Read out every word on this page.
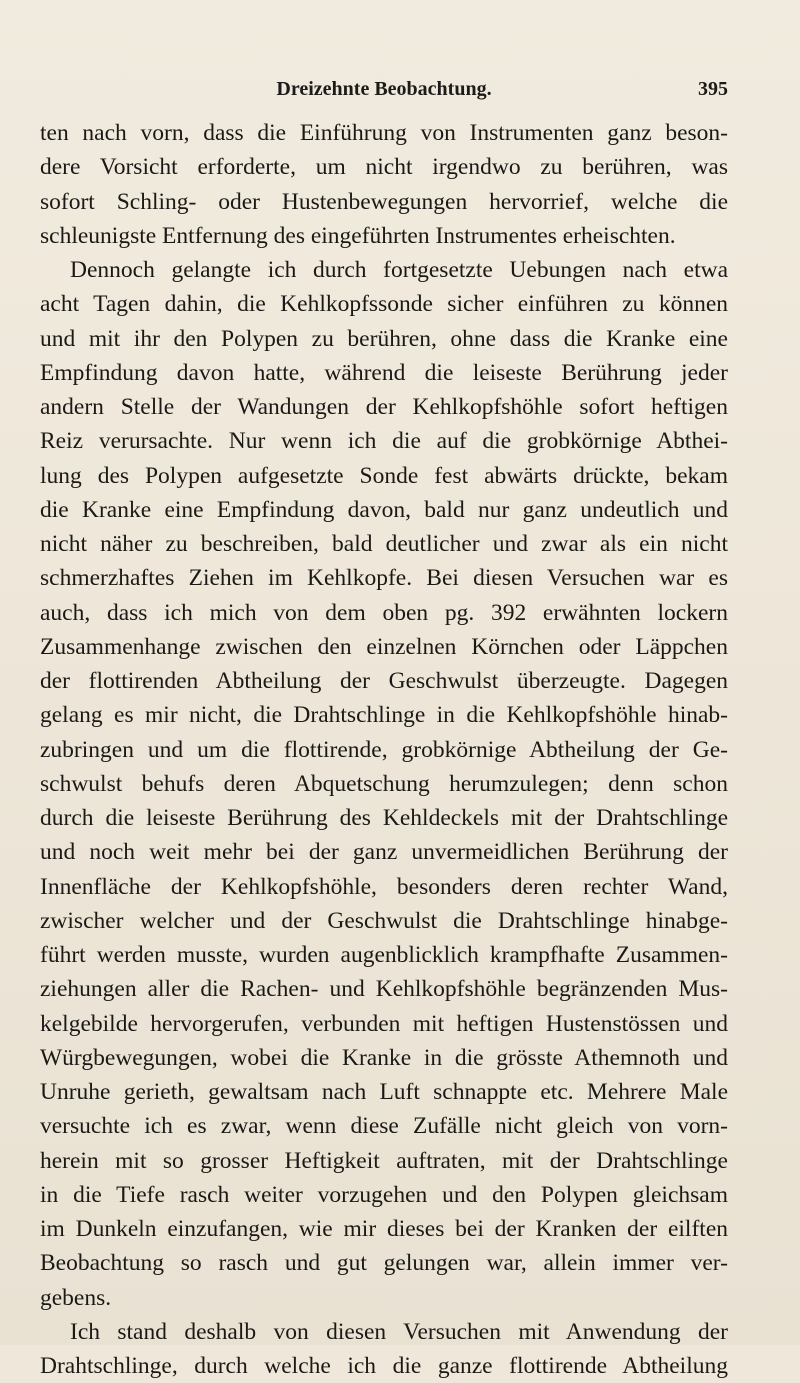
Dreizehnte Beobachtung.	395
ten nach vorn, dass die Einführung von Instrumenten ganz beson-
dere Vorsicht erforderte, um nicht irgendwo zu berühren, was
sofort Schling- oder Hustenbewegungen hervorrief, welche die
schleunigste Entfernung des eingeführten Instrumentes erheischten.
Dennoch gelangte ich durch fortgesetzte Uebungen nach etwa
acht Tagen dahin, die Kehlkopfssonde sicher einführen zu können
und mit ihr den Polypen zu berühren, ohne dass die Kranke eine
Empfindung davon hatte, während die leiseste Berührung jeder
andern Stelle der Wandungen der Kehlkopfshöhle sofort heftigen
Reiz verursachte. Nur wenn ich die auf die grobkörnige Abthei-
lung des Polypen aufgesetzte Sonde fest abwärts drückte, bekam
die Kranke eine Empfindung davon, bald nur ganz undeutlich und
nicht näher zu beschreiben, bald deutlicher und zwar als ein nicht
schmerzhaftes Ziehen im Kehlkopfe. Bei diesen Versuchen war es
auch, dass ich mich von dem oben pg. 392 erwähnten lockern
Zusammenhange zwischen den einzelnen Körnchen oder Läppchen
der flottirenden Abtheilung der Geschwulst überzeugte. Dagegen
gelang es mir nicht, die Drahtschlinge in die Kehlkopfshöhle hinab-
zubringen und um die flottirende, grobkörnige Abtheilung der Ge-
schwulst behufs deren Abquetschung herumzulegen; denn schon
durch die leiseste Berührung des Kehldeckels mit der Drahtschlinge
und noch weit mehr bei der ganz unvermeidlichen Berührung der
Innenfläche der Kehlkopfshöhle, besonders deren rechter Wand,
zwischer welcher und der Geschwulst die Drahtschlinge hinabge-
führt werden musste, wurden augenblicklich krampfhafte Zusammen-
ziehungen aller die Rachen- und Kehlkopfshöhle begränzenden Mus-
kelgebilde hervorgerufen, verbunden mit heftigen Hustenstössen und
Würgbewegungen, wobei die Kranke in die grösste Athemnoth und
Unruhe gerieth, gewaltsam nach Luft schnappte etc. Mehrere Male
versuchte ich es zwar, wenn diese Zufälle nicht gleich von vorn-
herein mit so grosser Heftigkeit auftraten, mit der Drahtschlinge
in die Tiefe rasch weiter vorzugehen und den Polypen gleichsam
im Dunkeln einzufangen, wie mir dieses bei der Kranken der eilften
Beobachtung so rasch und gut gelungen war, allein immer ver-
gebens.
Ich stand deshalb von diesen Versuchen mit Anwendung der
Drahtschlinge, durch welche ich die ganze flottirende Abtheilung
